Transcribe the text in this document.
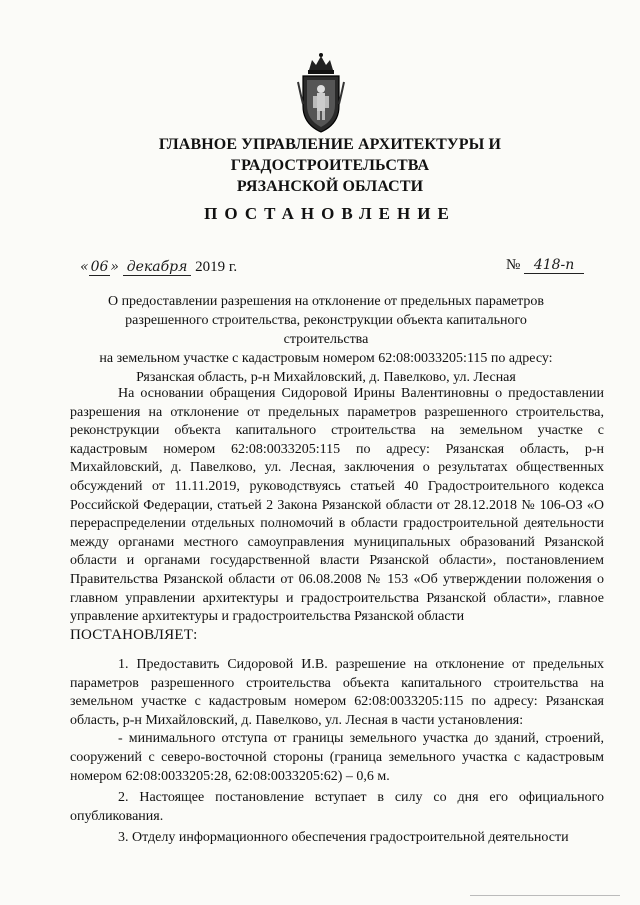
ГЛАВНОЕ УПРАВЛЕНИЕ АРХИТЕКТУРЫ И ГРАДОСТРОИТЕЛЬСТВА
РЯЗАНСКОЙ ОБЛАСТИ
ПОСТАНОВЛЕНИЕ
« 06 » декабря 2019 г.	№ 418-п
О предоставлении разрешения на отклонение от предельных параметров
разрешенного строительства, реконструкции объекта капитального строительства
на земельном участке с кадастровым номером 62:08:0033205:115 по адресу:
Рязанская область, р-н Михайловский, д. Павелково, ул. Лесная
На основании обращения Сидоровой Ирины Валентиновны о предоставлении разрешения на отклонение от предельных параметров разрешенного строительства, реконструкции объекта капитального строительства на земельном участке с кадастровым номером 62:08:0033205:115 по адресу: Рязанская область, р-н Михайловский, д. Павелково, ул. Лесная, заключения о результатах общественных обсуждений от 11.11.2019, руководствуясь статьей 40 Градостроительного кодекса Российской Федерации, статьей 2 Закона Рязанской области от 28.12.2018 № 106-ОЗ «О перераспределении отдельных полномочий в области градостроительной деятельности между органами местного самоуправления муниципальных образований Рязанской области и органами государственной власти Рязанской области», постановлением Правительства Рязанской области от 06.08.2008 № 153 «Об утверждении положения о главном управлении архитектуры и градостроительства Рязанской области», главное управление архитектуры и градостроительства Рязанской области
ПОСТАНОВЛЯЕТ:

1. Предоставить Сидоровой И.В. разрешение на отклонение от предельных параметров разрешенного строительства объекта капитального строительства на земельном участке с кадастровым номером 62:08:0033205:115 по адресу: Рязанская область, р-н Михайловский, д. Павелково, ул. Лесная в части установления:

- минимального отступа от границы земельного участка до зданий, строений, сооружений с северо-восточной стороны (граница земельного участка с кадастровым номером 62:08:0033205:28, 62:08:0033205:62) – 0,6 м.

2. Настоящее постановление вступает в силу со дня его официального опубликования.

3. Отделу информационного обеспечения градостроительной деятельности
